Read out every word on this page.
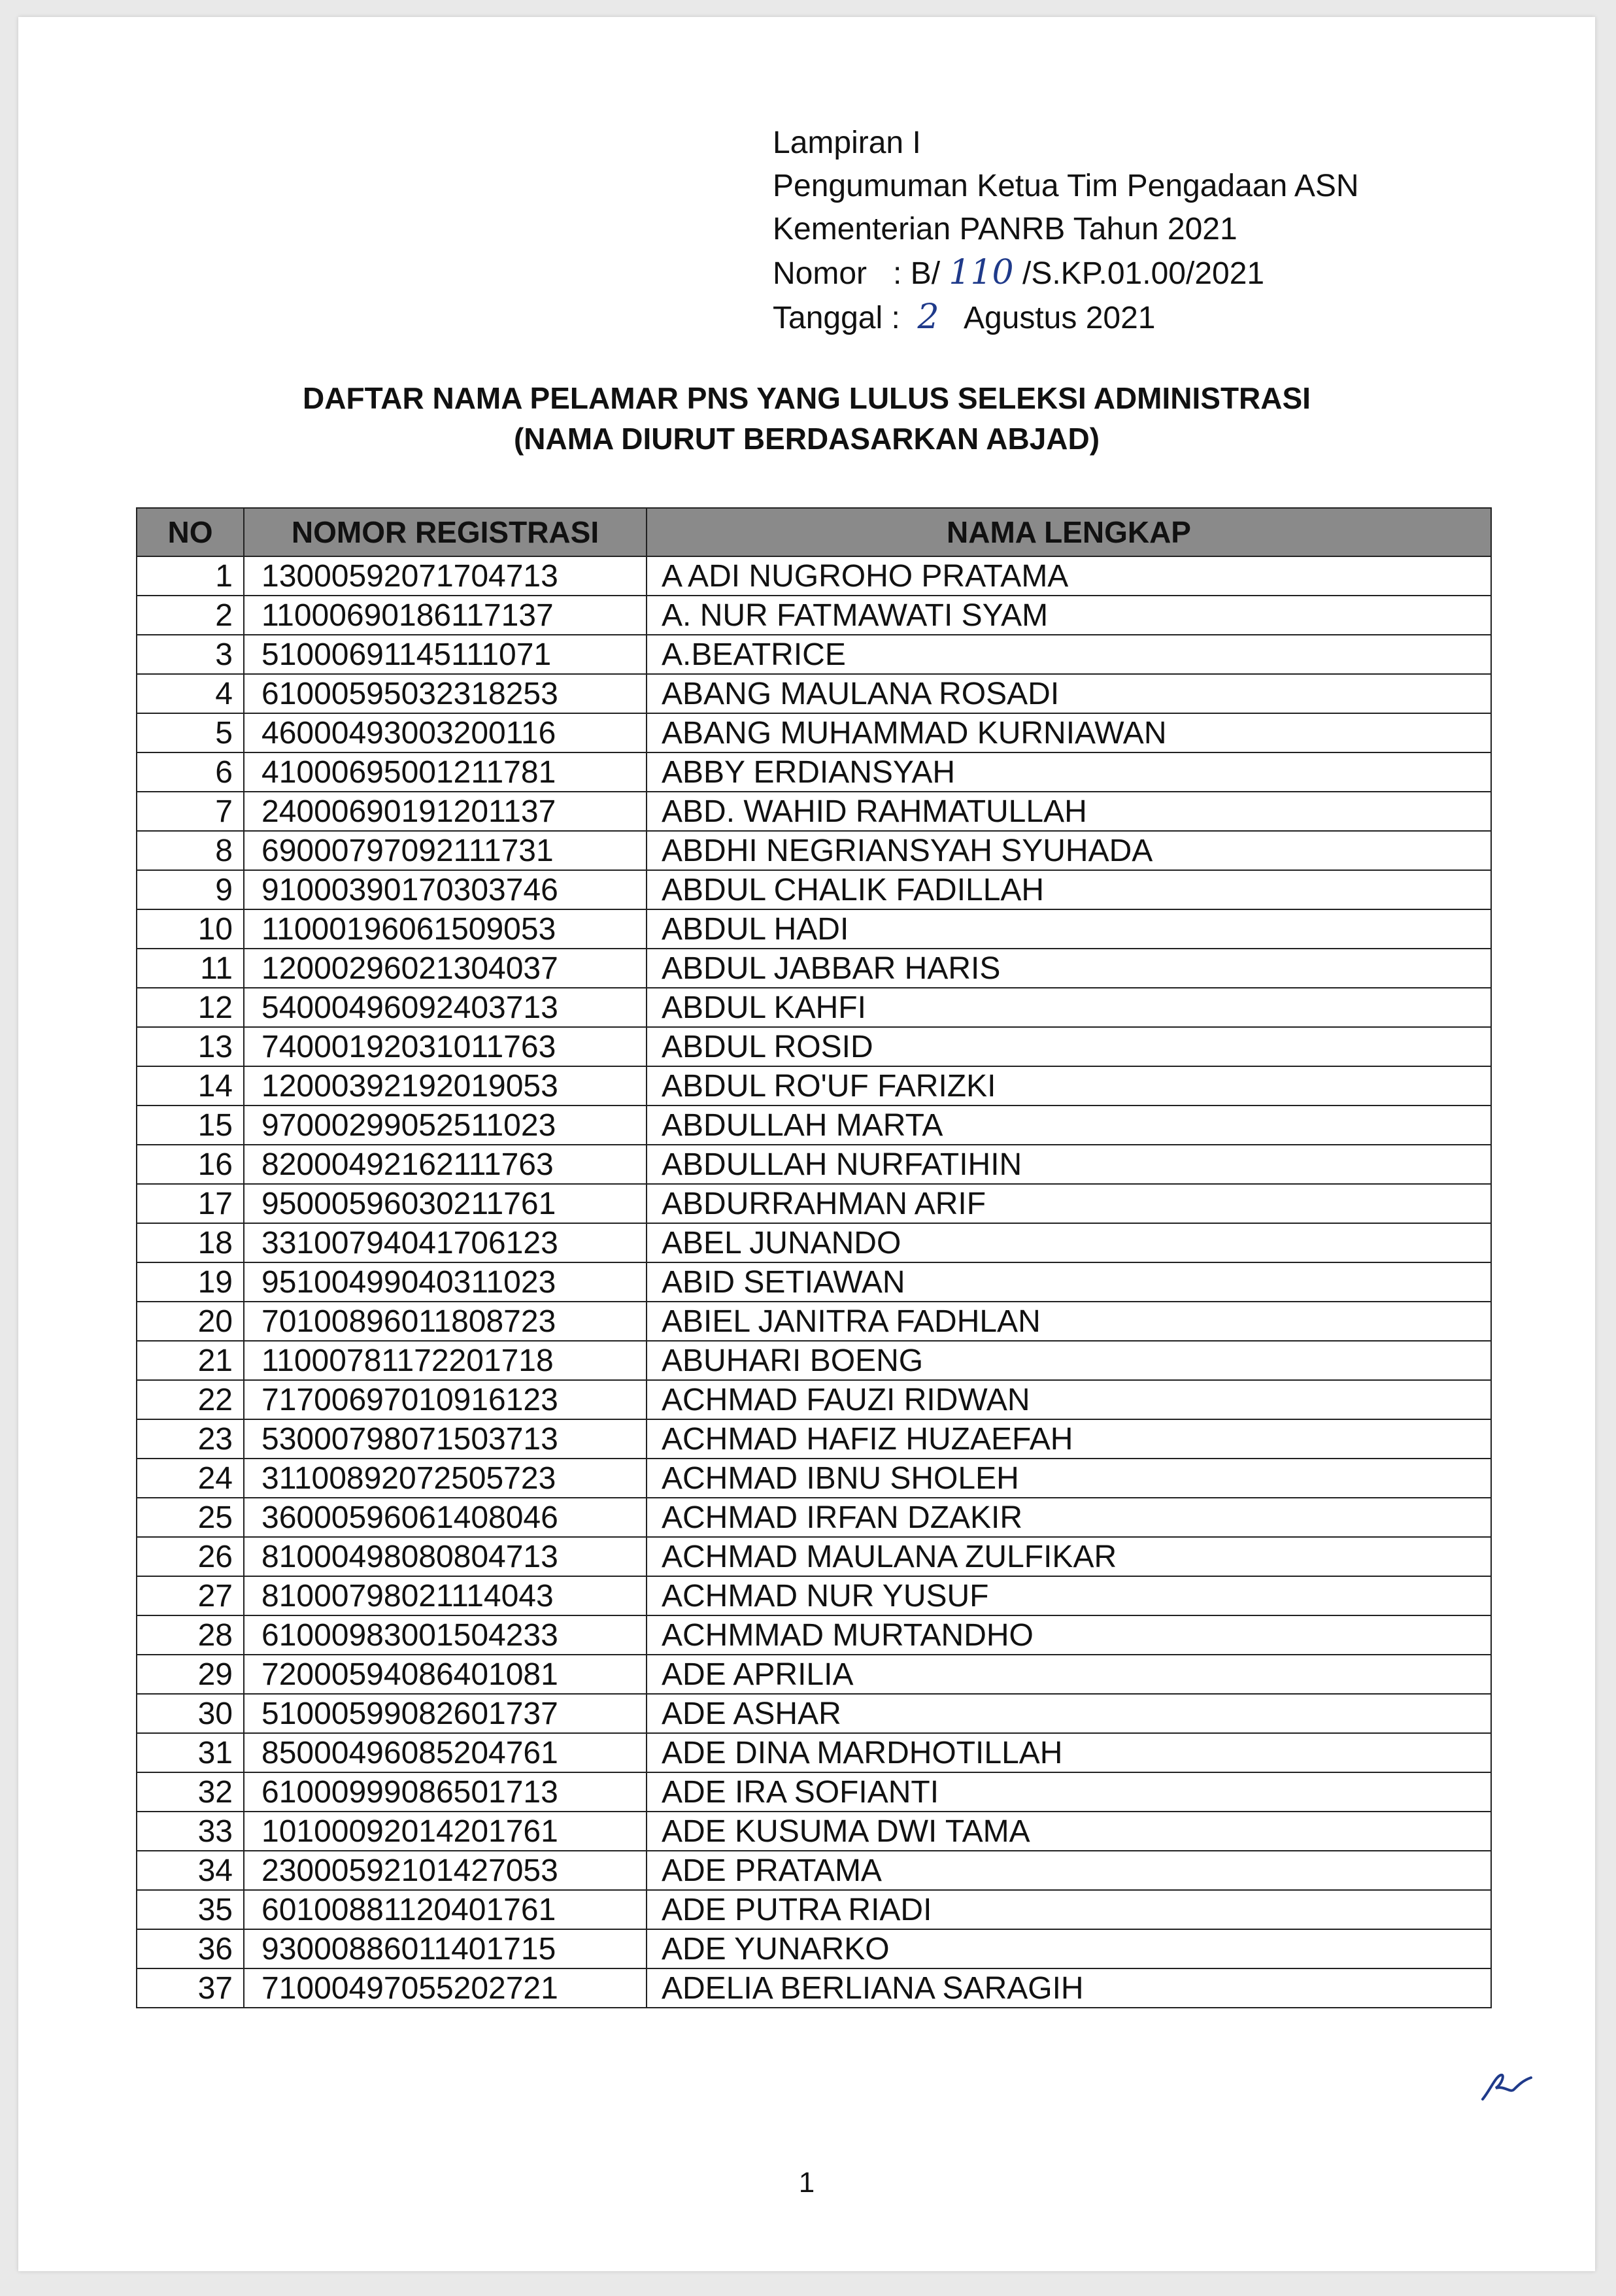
Lampiran I
Pengumuman Ketua Tim Pengadaan ASN
Kementerian PANRB Tahun 2021
Nomor   : B/ 110 /S.KP.01.00/2021
Tanggal :  2   Agustus 2021
DAFTAR NAMA PELAMAR PNS YANG LULUS SELEKSI ADMINISTRASI
(NAMA DIURUT BERDASARKAN ABJAD)
NO	NOMOR REGISTRASI	NAMA LENGKAP
1	13000592071704713	A ADI NUGROHO PRATAMA
2	11000690186117137	A. NUR FATMAWATI SYAM
3	51000691145111071	A.BEATRICE
4	61000595032318253	ABANG MAULANA ROSADI
5	46000493003200116	ABANG MUHAMMAD KURNIAWAN
6	41000695001211781	ABBY ERDIANSYAH
7	24000690191201137	ABD. WAHID RAHMATULLAH
8	69000797092111731	ABDHI NEGRIANSYAH SYUHADA
9	91000390170303746	ABDUL CHALIK FADILLAH
10	11000196061509053	ABDUL HADI
11	12000296021304037	ABDUL JABBAR HARIS
12	54000496092403713	ABDUL KAHFI
13	74000192031011763	ABDUL ROSID
14	12000392192019053	ABDUL RO'UF FARIZKI
15	97000299052511023	ABDULLAH MARTA
16	82000492162111763	ABDULLAH NURFATIHIN
17	95000596030211761	ABDURRAHMAN ARIF
18	33100794041706123	ABEL JUNANDO
19	95100499040311023	ABID SETIAWAN
20	70100896011808723	ABIEL JANITRA FADHLAN
21	11000781172201718	ABUHARI BOENG
22	71700697010916123	ACHMAD FAUZI RIDWAN
23	53000798071503713	ACHMAD HAFIZ HUZAEFAH
24	31100892072505723	ACHMAD IBNU SHOLEH
25	36000596061408046	ACHMAD IRFAN DZAKIR
26	81000498080804713	ACHMAD MAULANA ZULFIKAR
27	81000798021114043	ACHMAD NUR YUSUF
28	61000983001504233	ACHMMAD MURTANDHO
29	72000594086401081	ADE APRILIA
30	51000599082601737	ADE ASHAR
31	85000496085204761	ADE DINA MARDHOTILLAH
32	61000999086501713	ADE IRA SOFIANTI
33	10100092014201761	ADE KUSUMA DWI TAMA
34	23000592101427053	ADE PRATAMA
35	60100881120401761	ADE PUTRA RIADI
36	93000886011401715	ADE YUNARKO
37	71000497055202721	ADELIA BERLIANA SARAGIH
1
